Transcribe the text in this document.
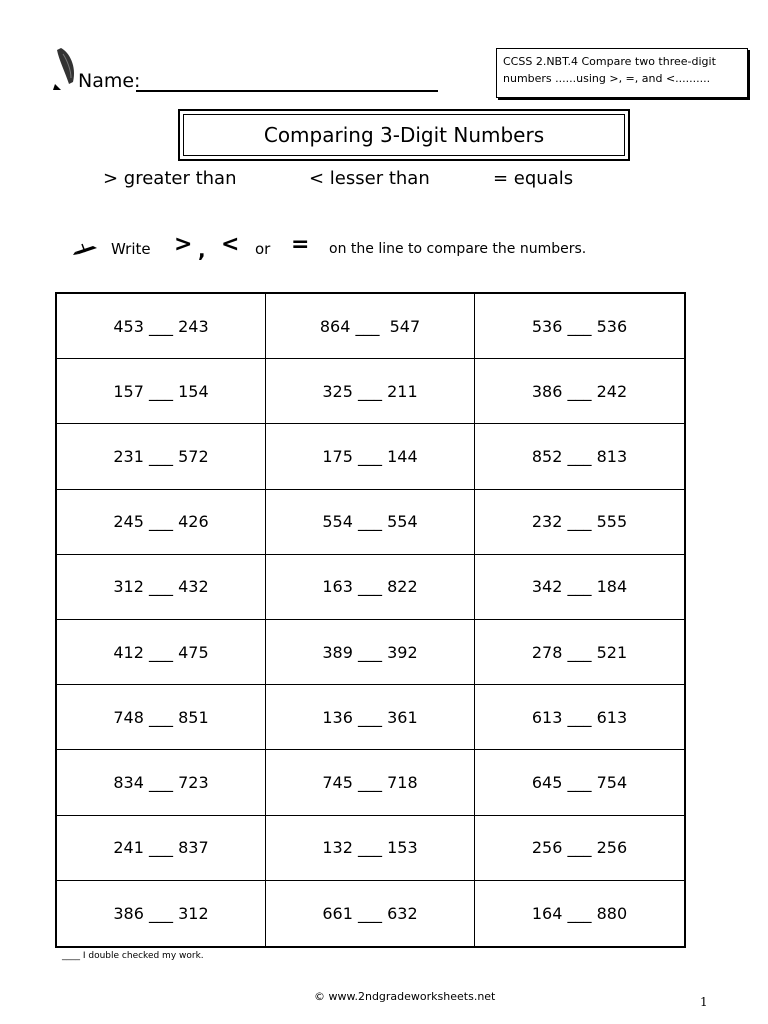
Name:
CCSS 2.NBT.4 Compare two three-digit numbers ......using >, =, and <..........
Comparing 3-Digit Numbers
> greater than	< lesser than	= equals
Write > , < or = on the line to compare the numbers.
453 ___ 243	864 ___  547	536 ___ 536
157 ___ 154	325 ___ 211	386 ___ 242
231 ___ 572	175 ___ 144	852 ___ 813
245 ___ 426	554 ___ 554	232 ___ 555
312 ___ 432	163 ___ 822	342 ___ 184
412 ___ 475	389 ___ 392	278 ___ 521
748 ___ 851	136 ___ 361	613 ___ 613
834 ___ 723	745 ___ 718	645 ___ 754
241 ___ 837	132 ___ 153	256 ___ 256
386 ___ 312	661 ___ 632	164 ___ 880
____ I double checked my work.
© www.2ndgradeworksheets.net	1
